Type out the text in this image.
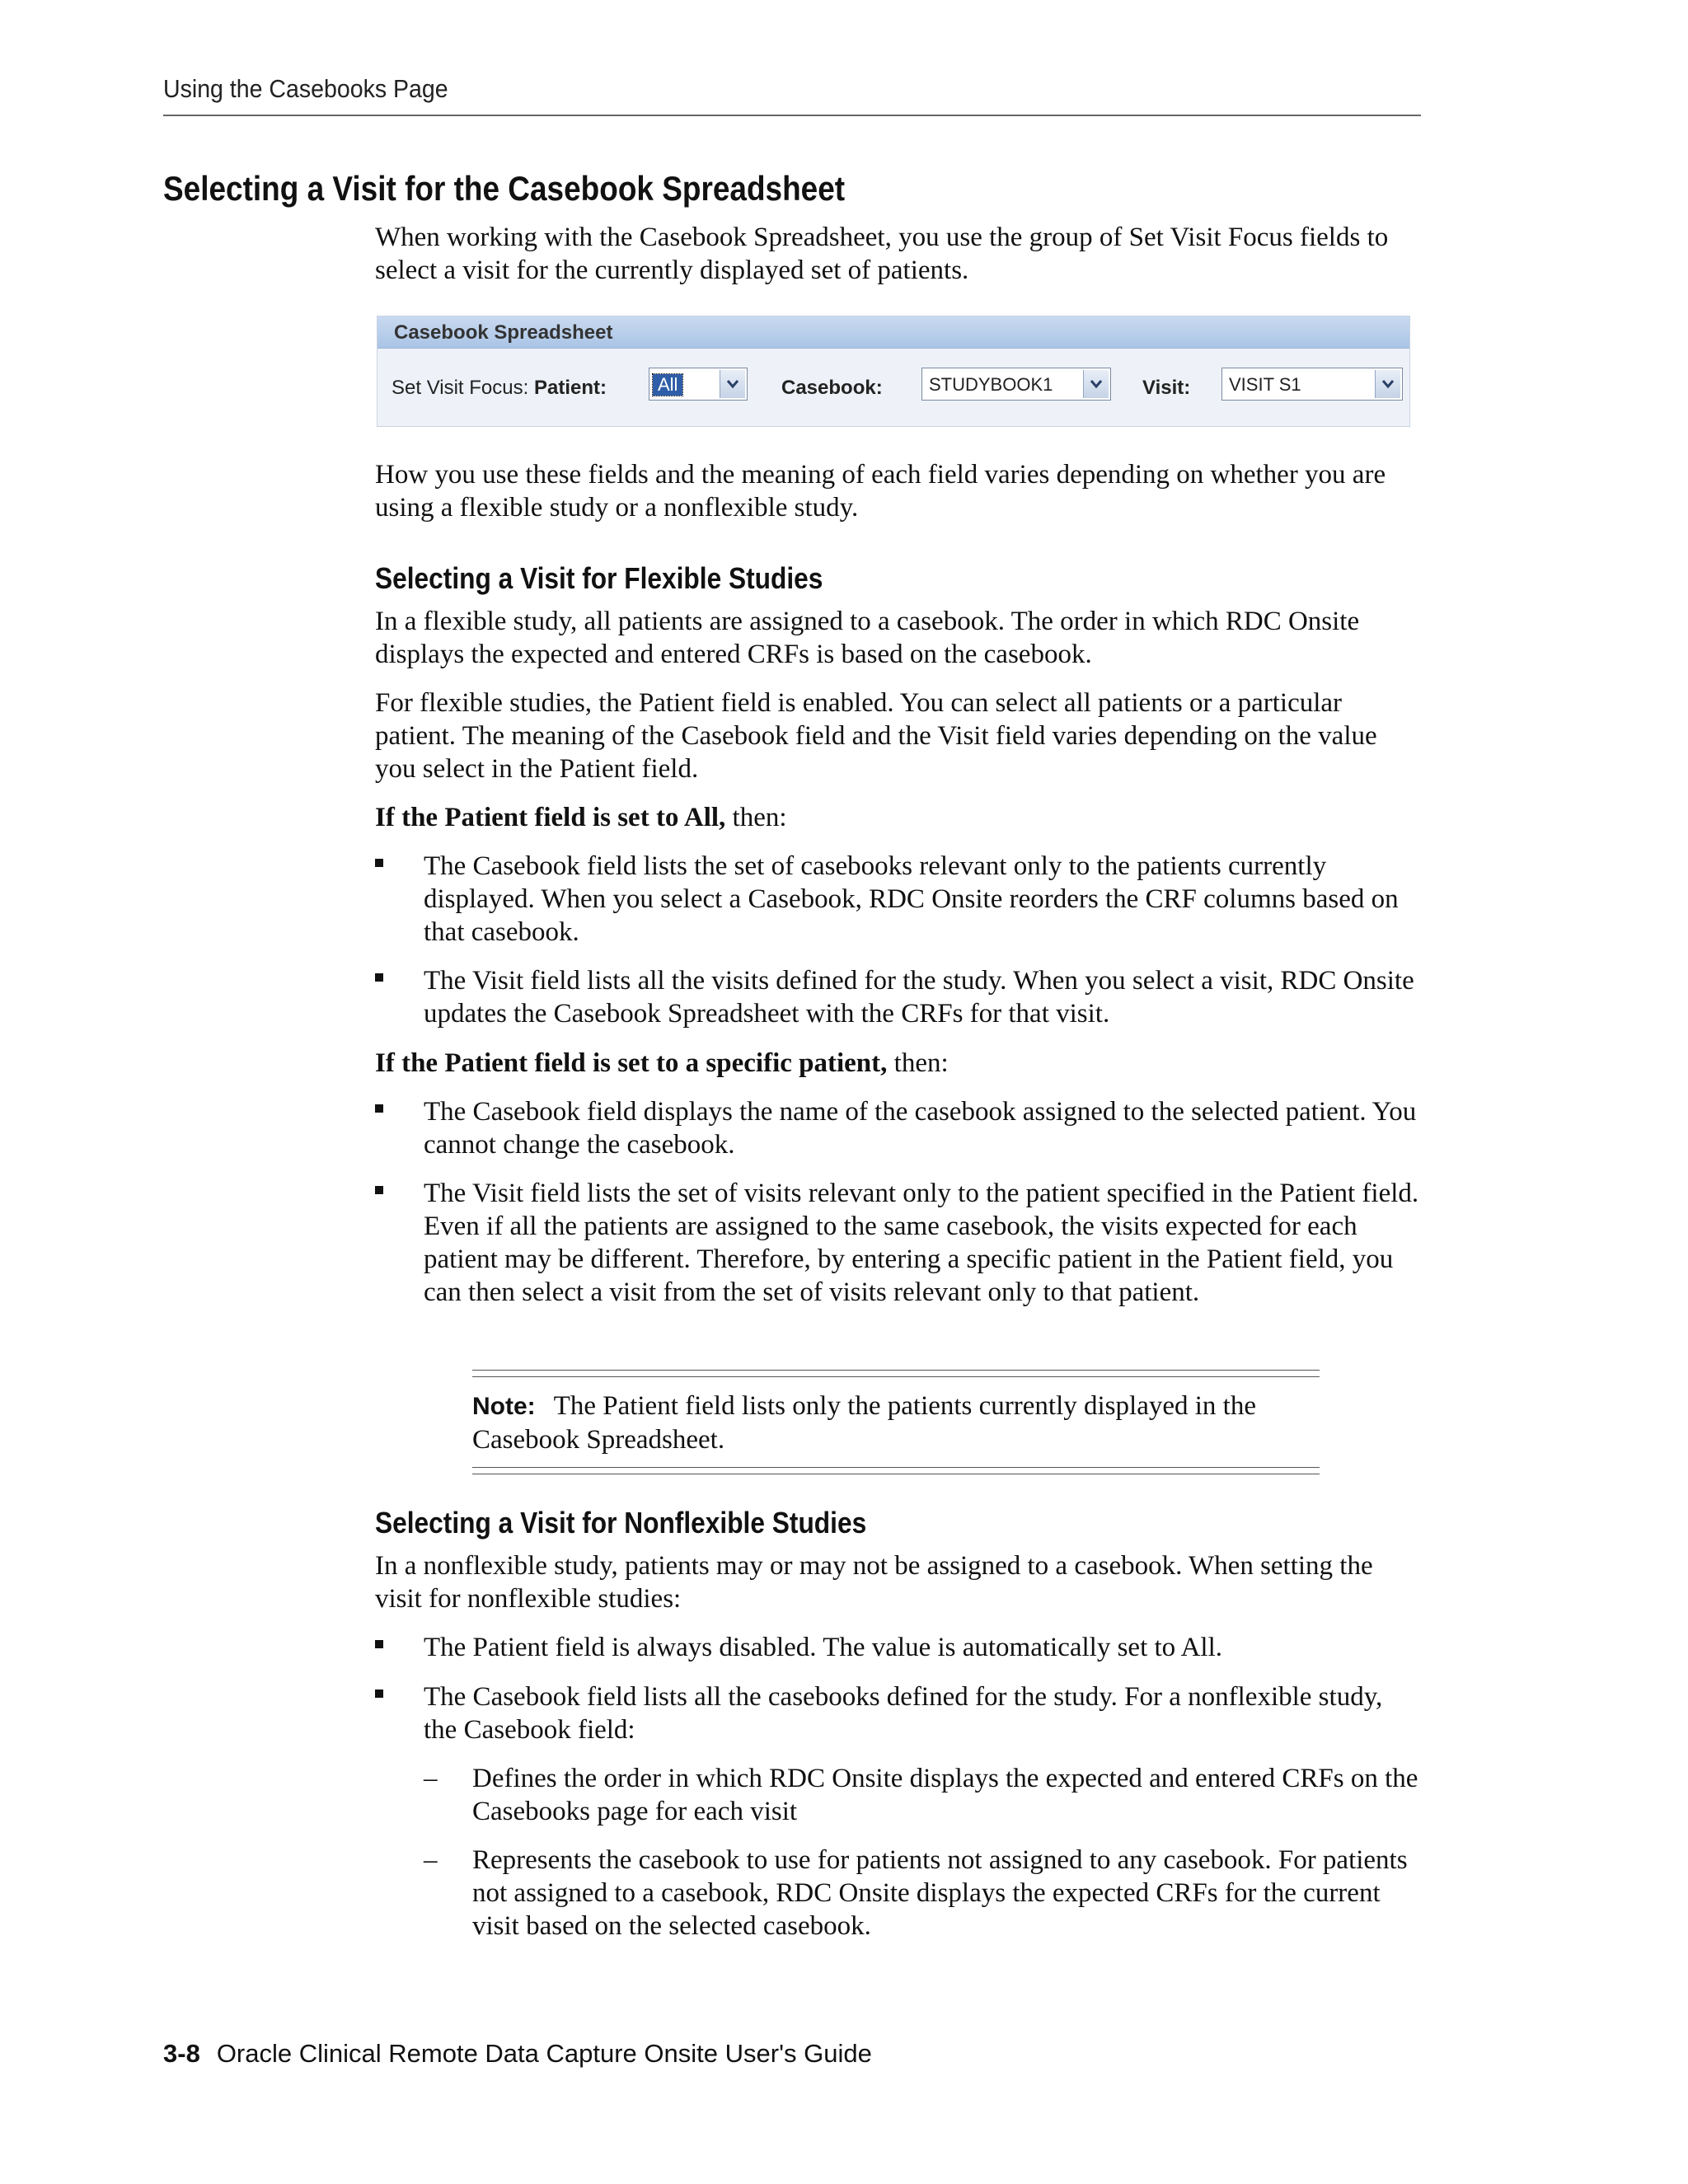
Using the Casebooks Page
Selecting a Visit for the Casebook Spreadsheet

When working with the Casebook Spreadsheet, you use the group of Set Visit Focus fields to select a visit for the currently displayed set of patients.

Casebook Spreadsheet
Set Visit Focus: Patient:	All	Casebook:	STUDYBOOK1	Visit: VISIT S1

How you use these fields and the meaning of each field varies depending on whether you are using a flexible study or a nonflexible study.

Selecting a Visit for Flexible Studies

In a flexible study, all patients are assigned to a casebook. The order in which RDC Onsite displays the expected and entered CRFs is based on the casebook.

For flexible studies, the Patient field is enabled. You can select all patients or a particular patient. The meaning of the Casebook field and the Visit field varies depending on the value you select in the Patient field.

If the Patient field is set to All, then:

The Casebook field lists the set of casebooks relevant only to the patients currently displayed. When you select a Casebook, RDC Onsite reorders the CRF columns based on that casebook.
The Visit field lists all the visits defined for the study. When you select a visit, RDC Onsite updates the Casebook Spreadsheet with the CRFs for that visit.

If the Patient field is set to a specific patient, then:

The Casebook field displays the name of the casebook assigned to the selected patient. You cannot change the casebook.
The Visit field lists the set of visits relevant only to the patient specified in the Patient field. Even if all the patients are assigned to the same casebook, the visits expected for each patient may be different. Therefore, by entering a specific patient in the Patient field, you can then select a visit from the set of visits relevant only to that patient.
Note: The Patient field lists only the patients currently displayed in the Casebook Spreadsheet.
Selecting a Visit for Nonflexible Studies

In a nonflexible study, patients may or may not be assigned to a casebook. When setting the visit for nonflexible studies:

The Patient field is always disabled. The value is automatically set to All.
The Casebook field lists all the casebooks defined for the study. For a nonflexible study, the Casebook field:
– Defines the order in which RDC Onsite displays the expected and entered CRFs on the Casebooks page for each visit
– Represents the casebook to use for patients not assigned to any casebook. For patients not assigned to a casebook, RDC Onsite displays the expected CRFs for the current visit based on the selected casebook.
3-8 Oracle Clinical Remote Data Capture Onsite User's Guide
